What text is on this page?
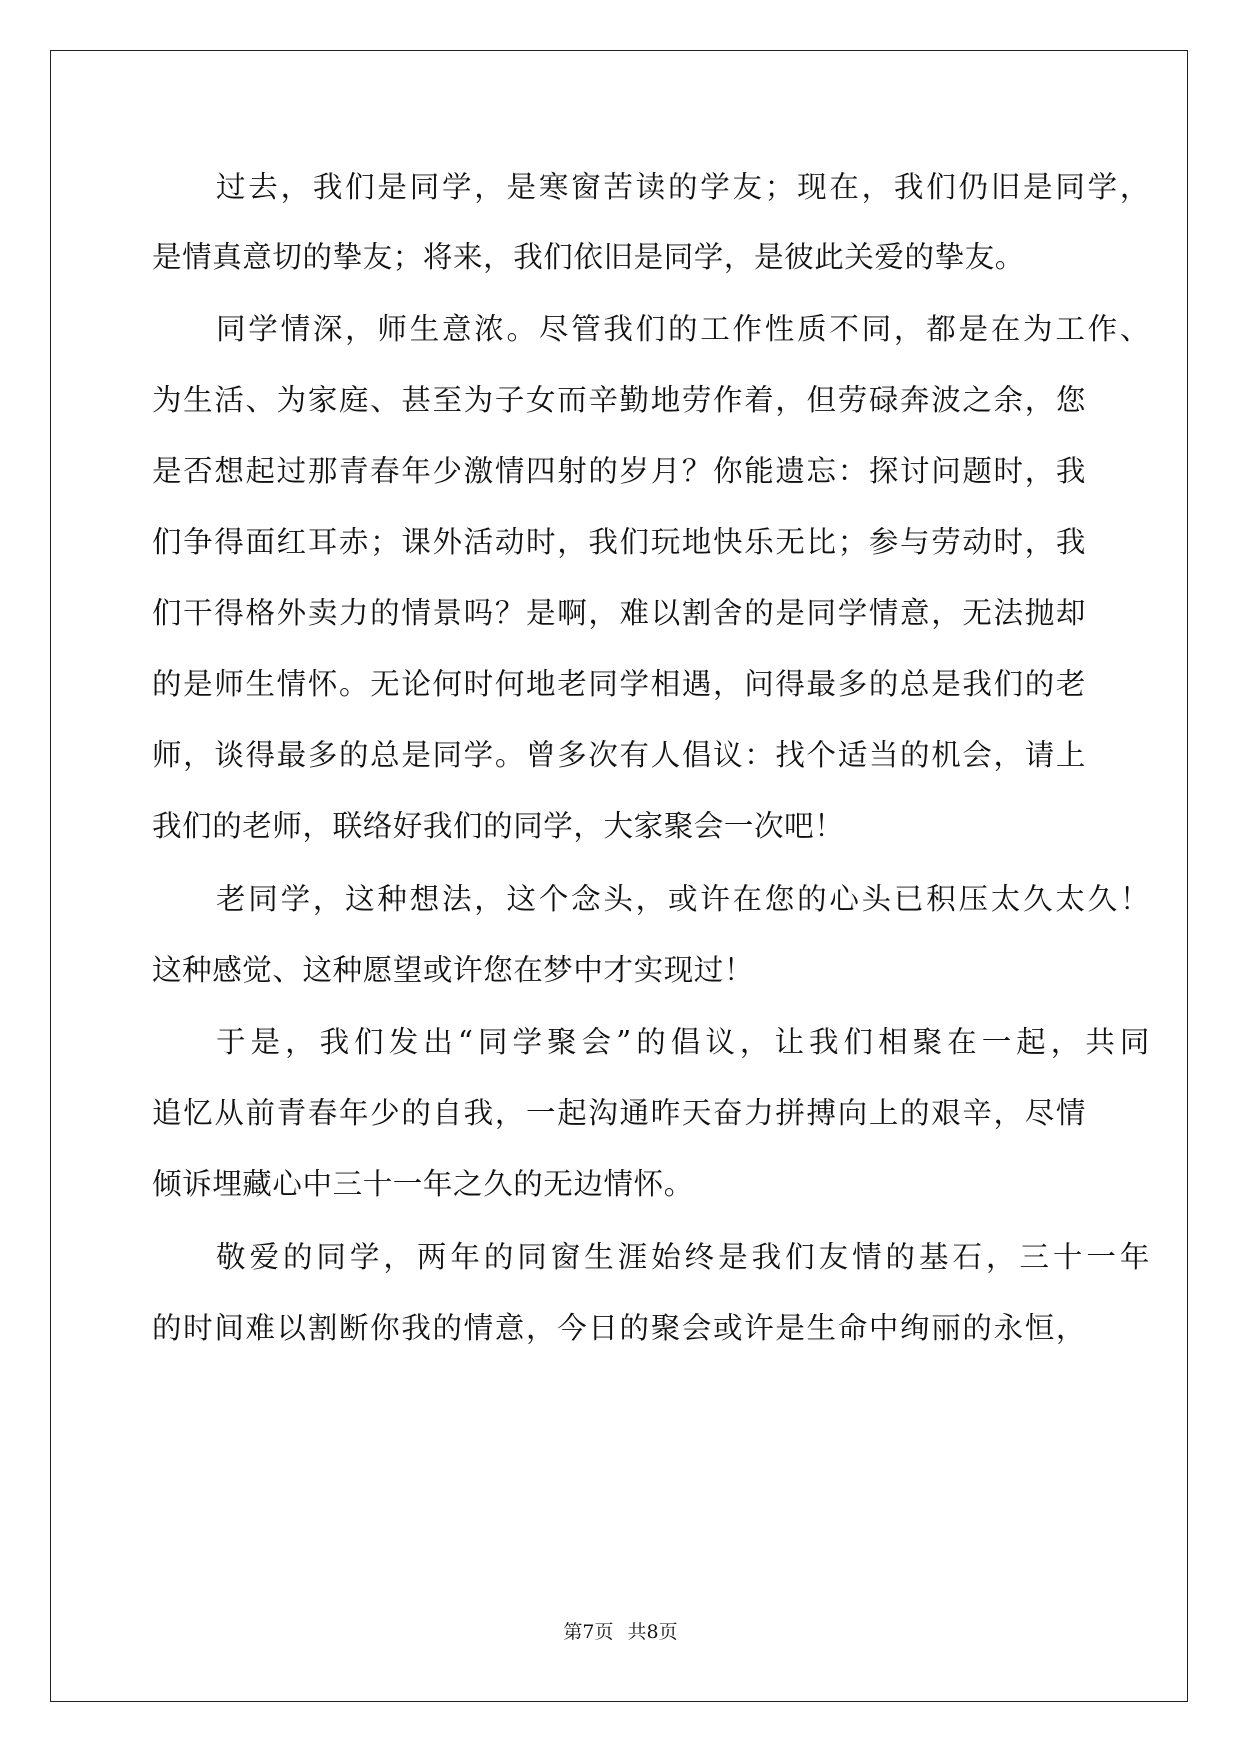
过去，我们是同学，是寒窗苦读的学友；现在，我们仍旧是同学，
是情真意切的挚友；将来，我们依旧是同学，是彼此关爱的挚友。
同学情深，师生意浓。尽管我们的工作性质不同，都是在为工作、
为生活、为家庭、甚至为子女而辛勤地劳作着，但劳碌奔波之余，您
是否想起过那青春年少激情四射的岁月？你能遗忘：探讨问题时，我
们争得面红耳赤；课外活动时，我们玩地快乐无比；参与劳动时，我
们干得格外卖力的情景吗？是啊，难以割舍的是同学情意，无法抛却
的是师生情怀。无论何时何地老同学相遇，问得最多的总是我们的老
师，谈得最多的总是同学。曾多次有人倡议：找个适当的机会，请上
我们的老师，联络好我们的同学，大家聚会一次吧！
老同学，这种想法，这个念头，或许在您的心头已积压太久太久！
这种感觉、这种愿望或许您在梦中才实现过！
于是，我们发出“同学聚会”的倡议，让我们相聚在一起，共同
追忆从前青春年少的自我，一起沟通昨天奋力拼搏向上的艰辛，尽情
倾诉埋藏心中三十一年之久的无边情怀。
敬爱的同学，两年的同窗生涯始终是我们友情的基石，三十一年
的时间难以割断你我的情意，今日的聚会或许是生命中绚丽的永恒，
第7页 共8页
